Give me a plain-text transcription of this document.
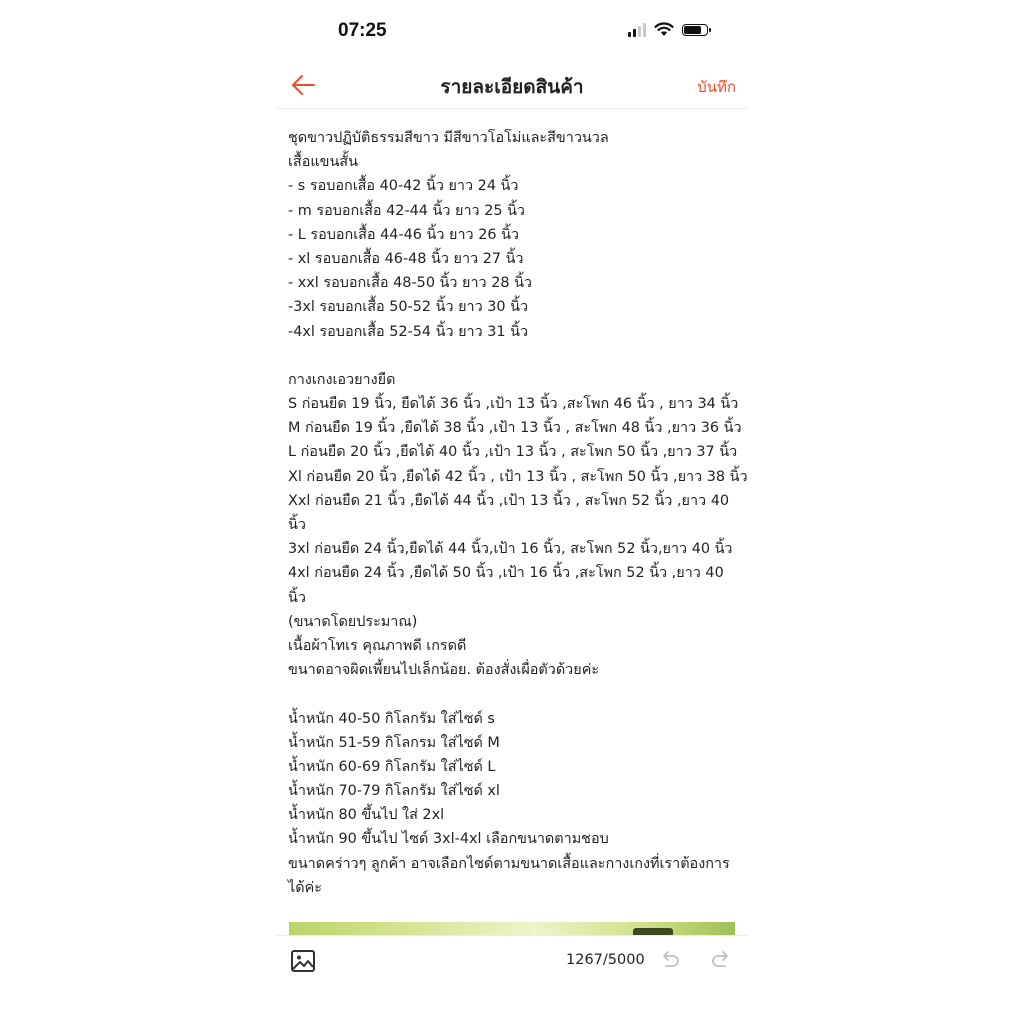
07:25
รายละเอียดสินค้า	บันทึก
ชุดขาวปฏิบัติธรรมสีขาว มีสีขาวโอโม่และสีขาวนวล
เสื้อแขนสั้น
- s รอบอกเสื้อ 40-42 นิ้ว ยาว 24 นิ้ว
- m รอบอกเสื้อ 42-44 นิ้ว ยาว 25 นิ้ว
- L รอบอกเสื้อ 44-46 นิ้ว ยาว 26 นิ้ว
- xl รอบอกเสื้อ 46-48 นิ้ว ยาว 27 นิ้ว
- xxl รอบอกเสื้อ 48-50 นิ้ว ยาว 28 นิ้ว
-3xl รอบอกเสื้อ 50-52 นิ้ว ยาว 30 นิ้ว
-4xl รอบอกเสื้อ 52-54 นิ้ว ยาว 31 นิ้ว
กางเกงเอวยางยืด
S ก่อนยืด 19 นิ้ว, ยืดได้ 36 นิ้ว ,เป้า 13 นิ้ว ,สะโพก 46 นิ้ว , ยาว 34 นิ้ว
M ก่อนยืด 19 นิ้ว ,ยืดได้ 38 นิ้ว ,เป้า 13 นิ้ว , สะโพก 48 นิ้ว ,ยาว 36 นิ้ว
L ก่อนยืด 20 นิ้ว ,ยืดได้ 40 นิ้ว ,เป้า 13 นิ้ว , สะโพก 50 นิ้ว ,ยาว 37 นิ้ว
Xl ก่อนยืด 20 นิ้ว ,ยืดได้ 42 นิ้ว , เป้า 13 นิ้ว , สะโพก 50 นิ้ว ,ยาว 38 นิ้ว
Xxl ก่อนยืด 21 นิ้ว ,ยืดได้ 44 นิ้ว ,เป้า 13 นิ้ว , สะโพก 52 นิ้ว ,ยาว 40
นิ้ว
3xl ก่อนยืด 24 นิ้ว,ยืดได้ 44 นิ้ว,เป้า 16 นิ้ว, สะโพก 52 นิ้ว,ยาว 40 นิ้ว
4xl ก่อนยืด 24 นิ้ว ,ยืดได้ 50 นิ้ว ,เป้า 16 นิ้ว ,สะโพก 52 นิ้ว ,ยาว 40
นิ้ว
(ขนาดโดยประมาณ)
เนื้อผ้าโทเร คุณภาพดี เกรดดี
ขนาดอาจผิดเพี้ยนไปเล็กน้อย. ต้องสั่งเผื่อตัวด้วยค่ะ
น้ำหนัก 40-50 กิโลกรัม ใส่ไซด์ s
น้ำหนัก 51-59 กิโลกรม ใส่ไซด์ M
น้ำหนัก 60-69 กิโลกรัม ใส่ไซด์ L
น้ำหนัก 70-79 กิโลกรัม ใส่ไซด์ xl
น้ำหนัก 80 ขึ้นไป ใส่ 2xl
น้ำหนัก 90 ขึ้นไป ไซด์ 3xl-4xl เลือกขนาดตามชอบ
ขนาดคร่าวๆ ลูกค้า อาจเลือกไซด์ตามขนาดเสื้อและกางเกงที่เราต้องการ
ได้ค่ะ
1267/5000
